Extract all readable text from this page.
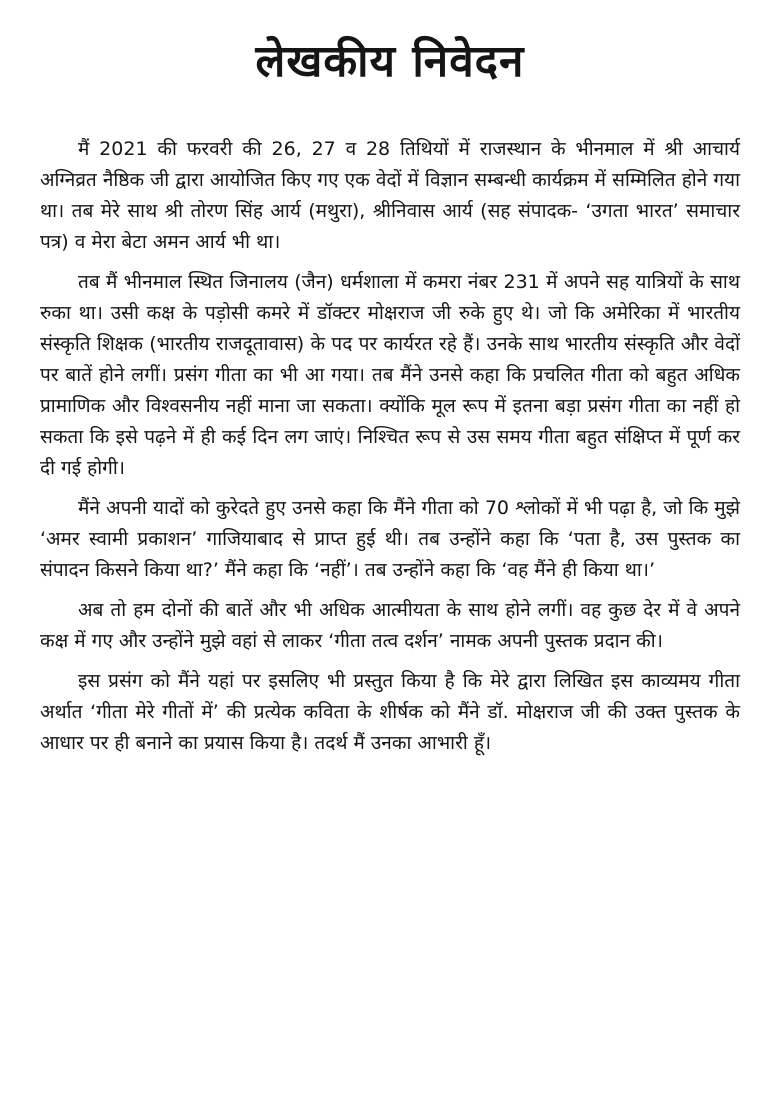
लेखकीय निवेदन

मैं 2021 की फरवरी की 26, 27 व 28 तिथियों में राजस्थान के भीनमाल में श्री आचार्य अग्निव्रत नैष्ठिक जी द्वारा आयोजित किए गए एक वेदों में विज्ञान सम्बन्धी कार्यक्रम में सम्मिलित होने गया था। तब मेरे साथ श्री तोरण सिंह आर्य (मथुरा), श्रीनिवास आर्य (सह संपादक- ‘उगता भारत’ समाचार पत्र) व मेरा बेटा अमन आर्य भी था।

तब मैं भीनमाल स्थित जिनालय (जैन) धर्मशाला में कमरा नंबर 231 में अपने सह यात्रियों के साथ रुका था। उसी कक्ष के पड़ोसी कमरे में डॉक्टर मोक्षराज जी रुके हुए थे। जो कि अमेरिका में भारतीय संस्कृति शिक्षक (भारतीय राजदूतावास) के पद पर कार्यरत रहे हैं। उनके साथ भारतीय संस्कृति और वेदों पर बातें होने लगीं। प्रसंग गीता का भी आ गया। तब मैंने उनसे कहा कि प्रचलित गीता को बहुत अधिक प्रामाणिक और विश्वसनीय नहीं माना जा सकता। क्योंकि मूल रूप में इतना बड़ा प्रसंग गीता का नहीं हो सकता कि इसे पढ़ने में ही कई दिन लग जाएं। निश्चित रूप से उस समय गीता बहुत संक्षिप्त में पूर्ण कर दी गई होगी।

मैंने अपनी यादों को कुरेदते हुए उनसे कहा कि मैंने गीता को 70 श्लोकों में भी पढ़ा है, जो कि मुझे ‘अमर स्वामी प्रकाशन’ गाजियाबाद से प्राप्त हुई थी। तब उन्होंने कहा कि ‘पता है, उस पुस्तक का संपादन किसने किया था?’ मैंने कहा कि ‘नहीं’। तब उन्होंने कहा कि ‘वह मैंने ही किया था।’

अब तो हम दोनों की बातें और भी अधिक आत्मीयता के साथ होने लगीं। वह कुछ देर में वे अपने कक्ष में गए और उन्होंने मुझे वहां से लाकर ‘गीता तत्व दर्शन’ नामक अपनी पुस्तक प्रदान की।

इस प्रसंग को मैंने यहां पर इसलिए भी प्रस्तुत किया है कि मेरे द्वारा लिखित इस काव्यमय गीता अर्थात ‘गीता मेरे गीतों में’ की प्रत्येक कविता के शीर्षक को मैंने डॉ. मोक्षराज जी की उक्त पुस्तक के आधार पर ही बनाने का प्रयास किया है। तदर्थ मैं उनका आभारी हूँ।
